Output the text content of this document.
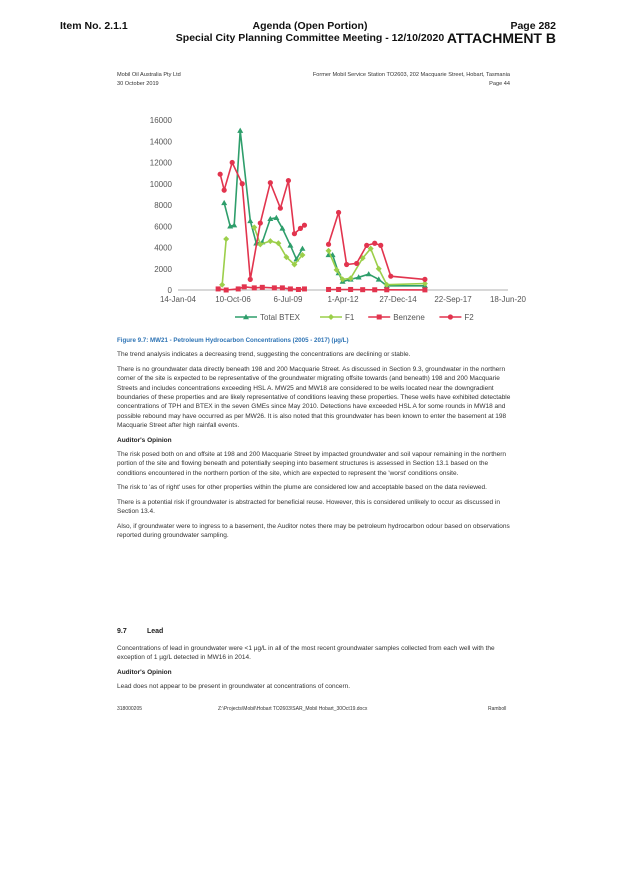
Item No. 2.1.1	Agenda (Open Portion)
Special City Planning Committee Meeting - 12/10/2020
Page 282
ATTACHMENT B
Mobil Oil Australia Pty Ltd
30 October 2019
Former Mobil Service Station TO2603, 202 Macquarie Street, Hobart, Tasmania
Page 44
0
2000
4000
6000
8000
10000
12000
14000
16000
14-Jan-04 10-Oct-06	6-Jul-09	1-Apr-12	27-Dec-14 22-Sep-17 18-Jun-20
Total BTEX	F1	Benzene	F2

Figure 9.7: MW21 - Petroleum Hydrocarbon Concentrations (2005 - 2017) (µg/L)

The trend analysis indicates a decreasing trend, suggesting the concentrations are declining or stable.

There is no groundwater data directly beneath 198 and 200 Macquarie Street. As discussed in Section 9.3, groundwater in the northern corner of the site is expected to be representative of the groundwater migrating offsite towards (and beneath) 198 and 200 Macquarie Streets and includes concentrations exceeding HSL A. MW25 and MW18 are considered to be wells located near the downgradient boundaries of these properties and are likely representative of conditions leaving these properties. These wells have exhibited detectable concentrations of TPH and BTEX in the seven GMEs since May 2010. Detections have exceeded HSL A for some rounds in MW18 and possible rebound may have occurred as per MW26. It is also noted that this groundwater has been known to enter the basement at 198 Macquarie Street after high rainfall events.

Auditor's Opinion

The risk posed both on and offsite at 198 and 200 Macquarie Street by impacted groundwater and soil vapour remaining in the northern portion of the site and flowing beneath and potentially seeping into basement structures is assessed in Section 13.1 based on the conditions encountered in the northern portion of the site, which are expected to represent the 'worst' conditions onsite.

The risk to 'as of right' uses for other properties within the plume are considered low and acceptable based on the data reviewed.

There is a potential risk if groundwater is abstracted for beneficial reuse. However, this is considered unlikely to occur as discussed in Section 13.4.

Also, if groundwater were to ingress to a basement, the Auditor notes there may be petroleum hydrocarbon odour based on observations reported during groundwater sampling.

9.7	Lead

Concentrations of lead in groundwater were <1 µg/L in all of the most recent groundwater samples collected from each well with the exception of 1 µg/L detected in MW16 in 2014.

Auditor's Opinion

Lead does not appear to be present in groundwater at concentrations of concern.

318000205	Z:\Projects\Mobil\Hobart TO2603\SAR_Mobil Hobart_30Oct19.docx	Ramboll
